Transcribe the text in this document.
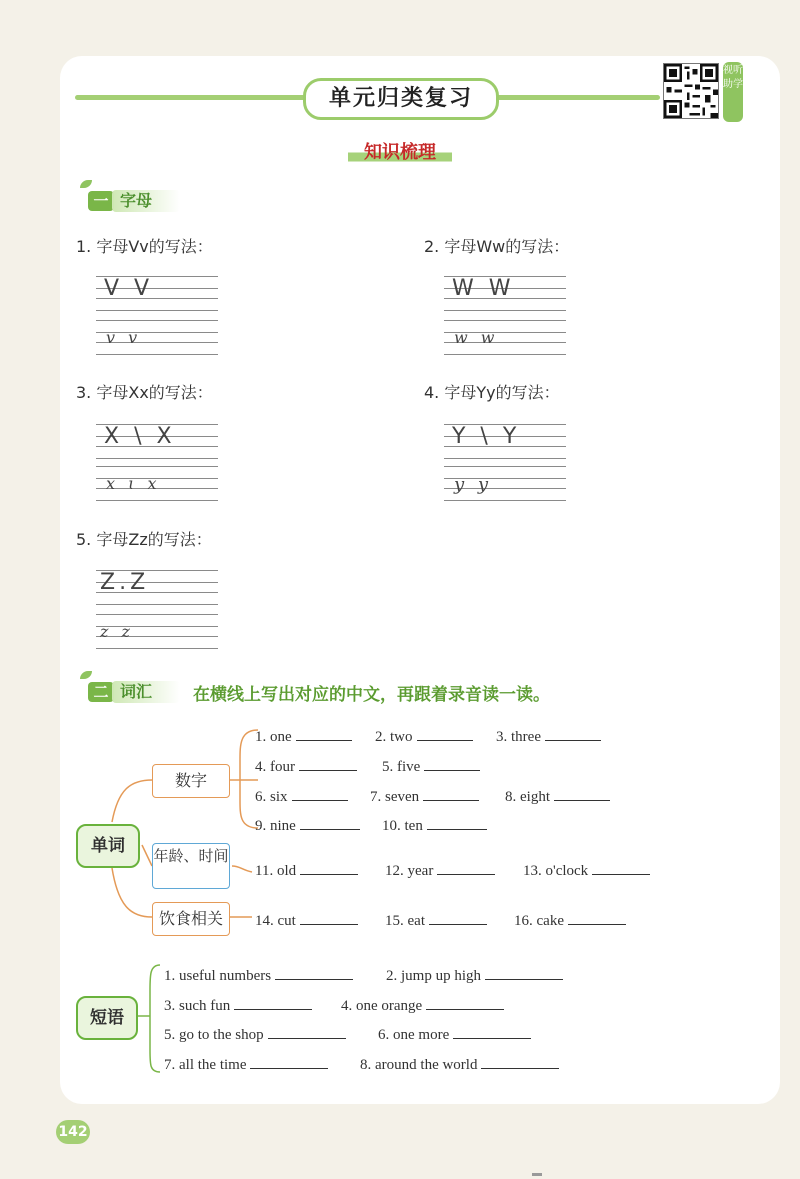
单元归类复习
视听助学
知识梳理
一 字母
1. 字母Vv的写法：
V V
v v
2. 字母Ww的写法：
W W
w w
3. 字母Xx的写法：
X \ X
x ɩ x
4. 字母Yy的写法：
Y \ Y
y y
5. 字母Zz的写法：
Z.Z
z z
二 词汇	在横线上写出对应的中文，再跟着录音读一读。
单词
数字
年龄、时间
饮食相关
1. one	2. two	3. three
4. four	5. five
6. six	7. seven	8. eight
9. nine	10. ten
11. old	12. year	13. o'clock
14. cut	15. eat	16. cake
短语
1. useful numbers	2. jump up high
3. such fun	4. one orange
5. go to the shop	6. one more
7. all the time	8. around the world
142
